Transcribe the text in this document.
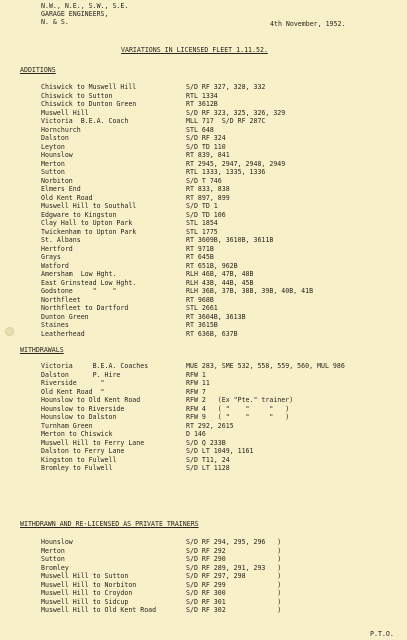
N.W., N.E., S.W., S.E.
GARAGE ENGINEERS,
N. & S.	4th November, 1952.
VARIATIONS IN LICENSED FLEET 1.11.52.
ADDITIONS
Chiswick to Muswell Hill	S/D RF 327, 328, 332
Chiswick to Sutton	RTL 1334
Chiswick to Dunton Green	RT 3612B
Muswell Hill	S/D RF 323, 325, 326, 329
Victoria  B.E.A. Coach	MLL 717  S/D RF 287C
Hornchurch	STL 648
Dalston	S/D RF 324
Leyton	S/D TD 110
Hounslow	RT 839, 841
Merton	RT 2945, 2947, 2948, 2949
Sutton	RTL 1333, 1335, 1336
Norbiton	S/D T 746
Elmers End	RT 833, 838
Old Kent Road	RT 897, 899
Muswell Hill to Southall	S/D TD 1
Edgware to Kingston	S/D TD 106
Clay Hall to Upton Park	STL 1854
Twickenham to Upton Park	STL 1775
St. Albans	RT 3609B, 3610B, 3611B
Hertford	RT 971B
Grays	RT 645B
Watford	RT 651B, 962B
Amersham  Low Hght.	RLH 46B, 47B, 48B
East Grinstead Low Hght.	RLH 43B, 44B, 45B
Godstone     "    "	RLH 36B, 37B, 38B, 39B, 40B, 41B
Northfleet	RT 968B
Northfleet to Dartford	STL 2661
Dunton Green	RT 3604B, 3613B
Staines	RT 3615B
Leatherhead	RT 636B, 637B
WITHDRAWALS
Victoria     B.E.A. Coaches	MUE 283, SME 532, 558, 559, 560, MUL 986
Dalston      P. Hire	RFW 1
Riverside      "	RFW 11
Old Kent Road  "	RFW 7
Hounslow to Old Kent Road	RFW 2   (Ex "Pte." trainer)
Hounslow to Riverside	RFW 4   ( "    "     "   )
Hounslow to Dalston	RFW 9   ( "    "     "   )
Turnham Green	RT 292, 2615
Merton to Chiswick	D 146
Muswell Hill to Ferry Lane	S/D Q 233B
Dalston to Ferry Lane	S/D LT 1049, 1161
Kingston to Fulwell	S/D T11, 24
Bromley to Fulwell	S/D LT 1128
WITHDRAWN AND RE-LICENSED AS PRIVATE TRAINERS
Hounslow	S/D RF 294, 295, 296   )
Merton	S/D RF 292             )
Sutton	S/D RF 290             )
Bromley	S/D RF 289, 291, 293   )
Muswell Hill to Sutton	S/D RF 297, 298        )
Muswell Hill to Norbiton	S/D RF 299             )
Muswell Hill to Croydon	S/D RF 300             )
Muswell Hill to Sidcup	S/D RF 301             )
Muswell Hill to Old Kent Road	S/D RF 302             )
P.T.O.
